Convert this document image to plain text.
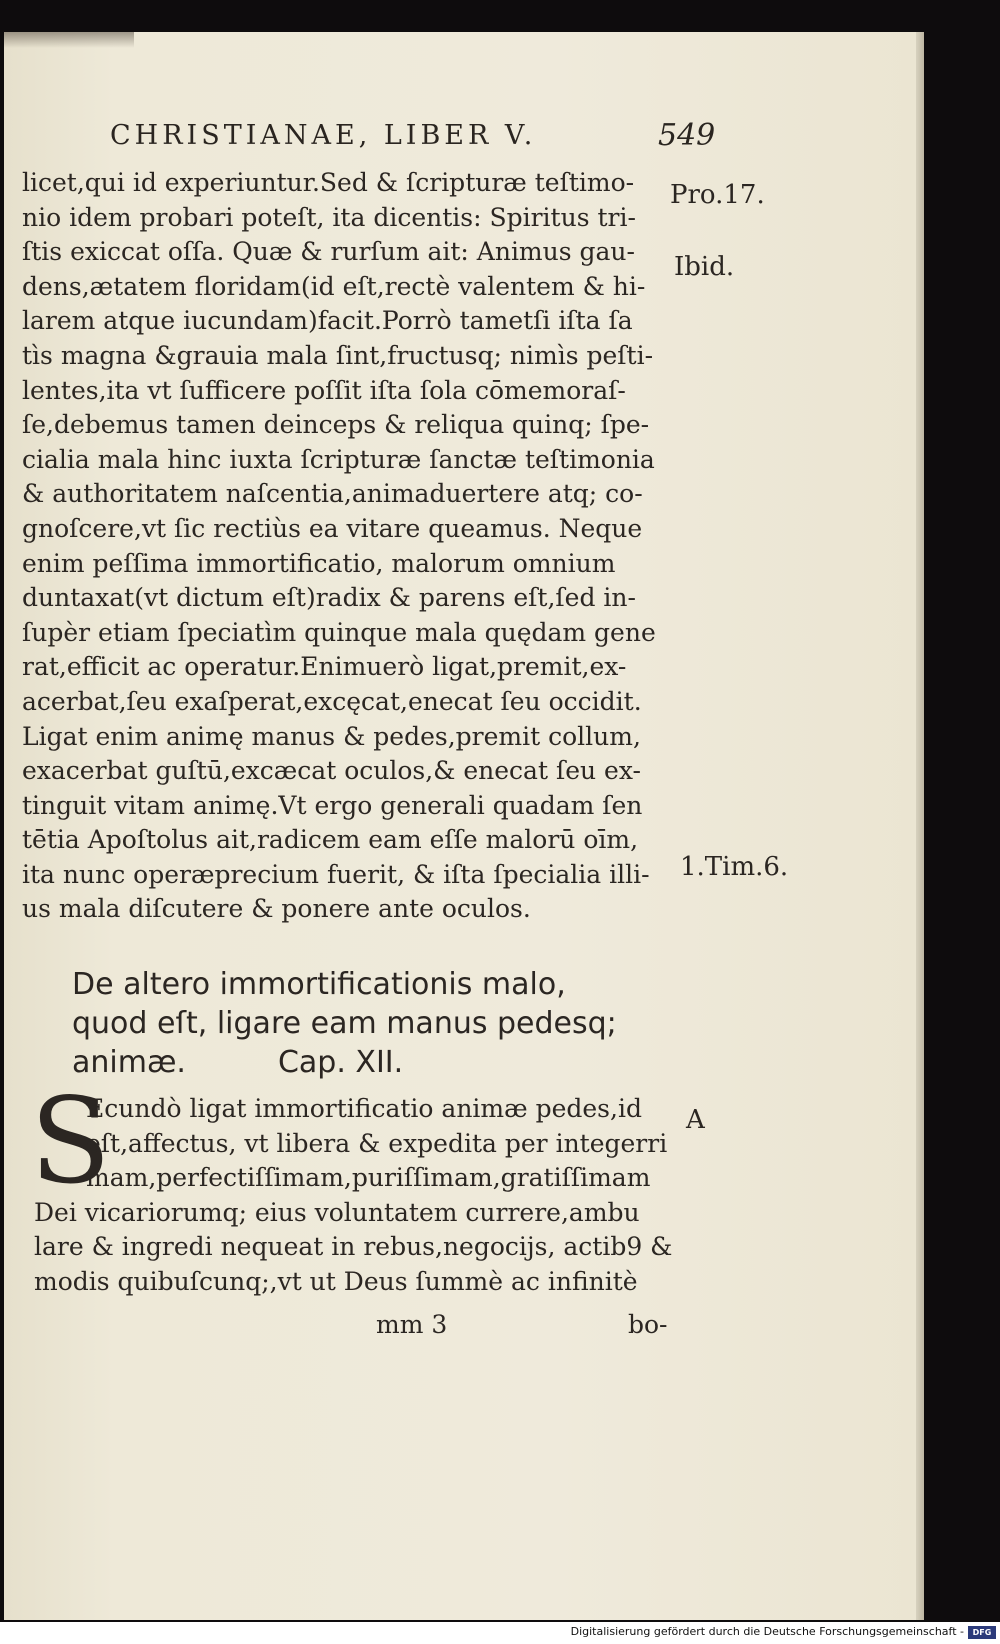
CHRISTIANAE, LIBER V.	549
licet,qui id experiuntur.Sed & ſcripturæ teſtimo-
nio idem probari poteſt, ita dicentis: Spiritus tri-
ſtis exiccat oſſa. Quæ & rurſum ait: Animus gau-
dens,ætatem floridam(id eſt,rectè valentem & hi-
larem atque iucundam)facit.Porrò tametſi iſta ſa
tìs magna &grauia mala ſint,fructusq; nimìs peſti-
lentes,ita vt ſufficere poſſit iſta ſola cōmemoraſ-
ſe,debemus tamen deinceps & reliqua quinq; ſpe-
cialia mala hinc iuxta ſcripturæ ſanctæ teſtimonia
& authoritatem naſcentia,animaduertere atq; co-
gnoſcere,vt ſic rectiùs ea vitare queamus. Neque
enim peſſima immortificatio, malorum omnium
duntaxat(vt dictum eſt)radix & parens eſt,ſed in-
ſupèr etiam ſpeciatìm quinque mala quędam gene
rat,efficit ac operatur.Enimuerò ligat,premit,ex-
acerbat,ſeu exaſperat,excęcat,enecat ſeu occidit.
Ligat enim animę manus & pedes,premit collum,
exacerbat guſtū,excæcat oculos,& enecat ſeu ex-
tinguit vitam animę.Vt ergo generali quadam ſen
tētia Apoſtolus ait,radicem eam eſſe malorū oīm,
ita nunc operæprecium fuerit, & iſta ſpecialia illi-
us mala diſcutere & ponere ante oculos.
Pro.17.
Ibid.
1.Tim.6.
A
De altero immortificationis malo,
quod eſt, ligare eam manus pedesq;
animæ.	Cap. XII.
S
Ecundò ligat immortificatio animæ pedes,id
eſt,affectus, vt libera & expedita per integerri
mam,perfectiſſimam,puriſſimam,gratiſſimam
Dei vicariorumq; eius voluntatem currere,ambu
lare & ingredi nequeat in rebus,negocijs, actib9 &
modis quibuſcunq;,vt ut Deus ſummè ac infinitè
mm 3	bo-
Digitalisierung gefördert durch die Deutsche Forschungsgemeinschaft -	DFG
